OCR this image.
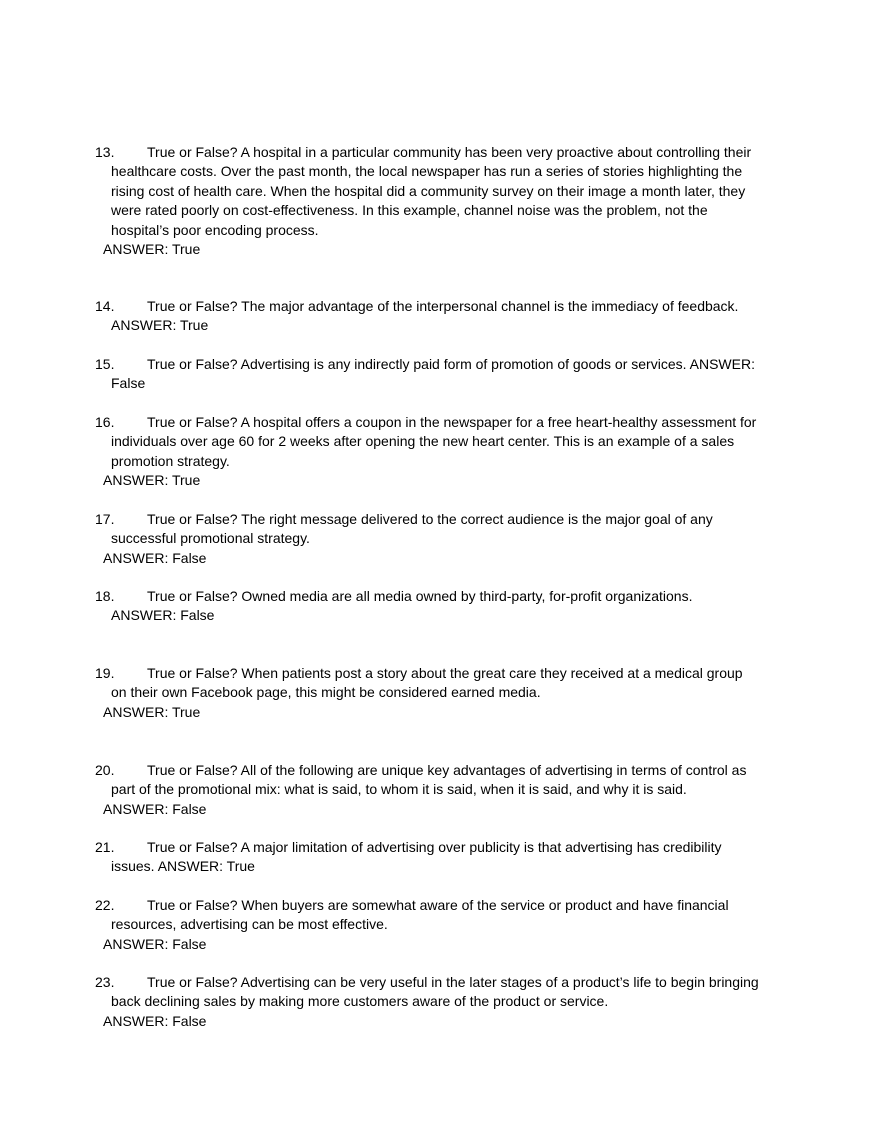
13. True or False? A hospital in a particular community has been very proactive about controlling their
healthcare costs. Over the past month, the local newspaper has run a series of stories highlighting the
rising cost of health care. When the hospital did a community survey on their image a month later, they
were rated poorly on cost-effectiveness. In this example, channel noise was the problem, not the
hospital’s poor encoding process.
ANSWER: True
14. True or False? The major advantage of the interpersonal channel is the immediacy of feedback.
ANSWER: True
15. True or False? Advertising is any indirectly paid form of promotion of goods or services. ANSWER:
False
16. True or False? A hospital offers a coupon in the newspaper for a free heart-healthy assessment for
individuals over age 60 for 2 weeks after opening the new heart center. This is an example of a sales
promotion strategy.
ANSWER: True
17. True or False? The right message delivered to the correct audience is the major goal of any
successful promotional strategy.
ANSWER: False
18. True or False? Owned media are all media owned by third-party, for-profit organizations.
ANSWER: False
19. True or False? When patients post a story about the great care they received at a medical group
on their own Facebook page, this might be considered earned media.
ANSWER: True
20. True or False? All of the following are unique key advantages of advertising in terms of control as
part of the promotional mix: what is said, to whom it is said, when it is said, and why it is said.
ANSWER: False
21. True or False? A major limitation of advertising over publicity is that advertising has credibility
issues. ANSWER: True
22. True or False? When buyers are somewhat aware of the service or product and have financial
resources, advertising can be most effective.
ANSWER: False
23. True or False? Advertising can be very useful in the later stages of a product’s life to begin bringing
back declining sales by making more customers aware of the product or service.
ANSWER: False
